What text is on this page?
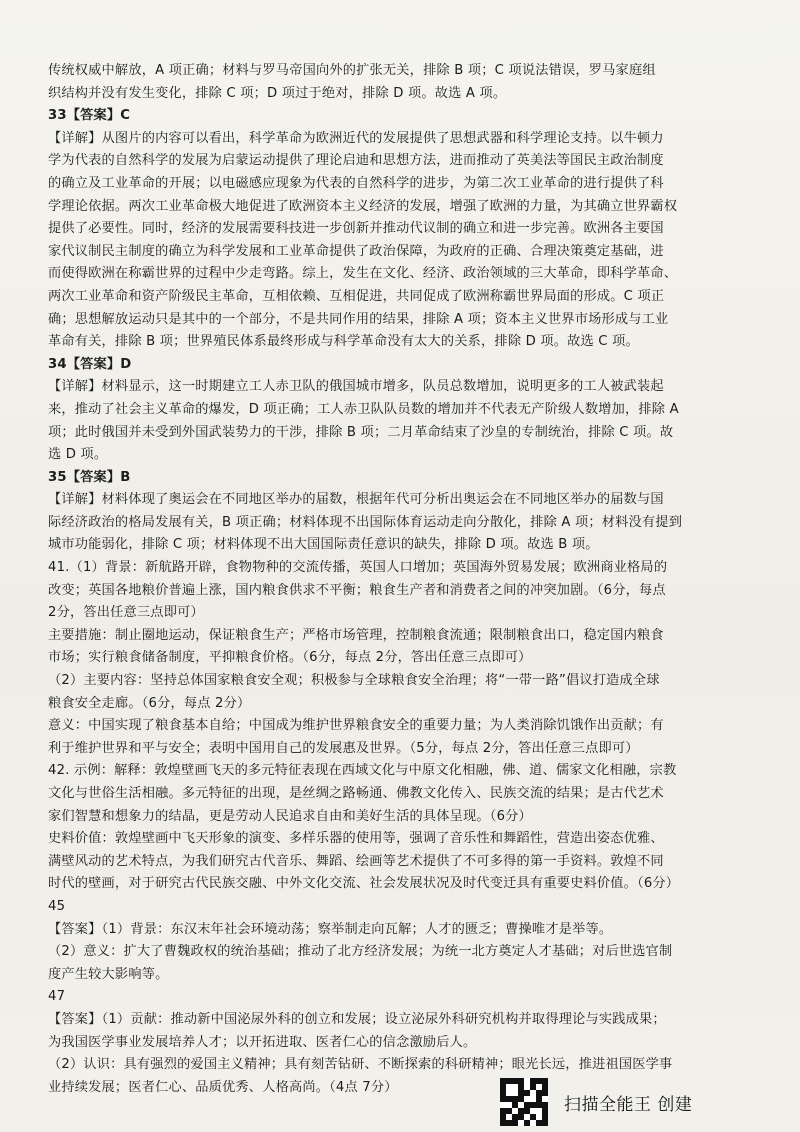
传统权威中解放，A 项正确；材料与罗马帝国向外的扩张无关，排除 B 项；C 项说法错误，罗马家庭组

织结构并没有发生变化，排除 C 项；D 项过于绝对，排除 D 项。故选 A 项。

33【答案】C

【详解】从图片的内容可以看出，科学革命为欧洲近代的发展提供了思想武器和科学理论支持。以牛顿力

学为代表的自然科学的发展为启蒙运动提供了理论启迪和思想方法，进而推动了英美法等国民主政治制度

的确立及工业革命的开展；以电磁感应现象为代表的自然科学的进步，为第二次工业革命的进行提供了科

学理论依据。两次工业革命极大地促进了欧洲资本主义经济的发展，增强了欧洲的力量，为其确立世界霸权

提供了必要性。同时，经济的发展需要科技进一步创新并推动代议制的确立和进一步完善。欧洲各主要国

家代议制民主制度的确立为科学发展和工业革命提供了政治保障，为政府的正确、合理决策奠定基础，进

而使得欧洲在称霸世界的过程中少走弯路。综上，发生在文化、经济、政治领域的三大革命，即科学革命、

两次工业革命和资产阶级民主革命，互相依赖、互相促进，共同促成了欧洲称霸世界局面的形成。C 项正

确；思想解放运动只是其中的一个部分，不是共同作用的结果，排除 A 项；资本主义世界市场形成与工业

革命有关，排除 B 项；世界殖民体系最终形成与科学革命没有太大的关系，排除 D 项。故选 C 项。

34【答案】D

【详解】材料显示，这一时期建立工人赤卫队的俄国城市增多，队员总数增加，说明更多的工人被武装起

来，推动了社会主义革命的爆发，D 项正确；工人赤卫队队员数的增加并不代表无产阶级人数增加，排除 A

项；此时俄国并未受到外国武装势力的干涉，排除 B 项；二月革命结束了沙皇的专制统治，排除 C 项。故

选 D 项。

35【答案】B

【详解】材料体现了奥运会在不同地区举办的届数，根据年代可分析出奥运会在不同地区举办的届数与国

际经济政治的格局发展有关，B 项正确；材料体现不出国际体育运动走向分散化，排除 A 项；材料没有提到

城市功能弱化，排除 C 项；材料体现不出大国国际责任意识的缺失，排除 D 项。故选 B 项。

41.（1）背景：新航路开辟，食物物种的交流传播，英国人口增加；英国海外贸易发展；欧洲商业格局的

改变；英国各地粮价普遍上涨，国内粮食供求不平衡；粮食生产者和消费者之间的冲突加剧。（6分，每点

2分，答出任意三点即可）

主要措施：制止圈地运动，保证粮食生产；严格市场管理，控制粮食流通；限制粮食出口，稳定国内粮食

市场；实行粮食储备制度，平抑粮食价格。（6分，每点 2分，答出任意三点即可）

（2）主要内容：坚持总体国家粮食安全观；积极参与全球粮食安全治理；将“一带一路”倡议打造成全球

粮食安全走廊。（6分，每点 2分）

意义：中国实现了粮食基本自给；中国成为维护世界粮食安全的重要力量；为人类消除饥饿作出贡献；有

利于维护世界和平与安全；表明中国用自己的发展惠及世界。（5分，每点 2分，答出任意三点即可）

42. 示例：解释：敦煌壁画飞天的多元特征表现在西域文化与中原文化相融，佛、道、儒家文化相融，宗教

文化与世俗生活相融。多元特征的出现，是丝绸之路畅通、佛教文化传入、民族交流的结果；是古代艺术

家们智慧和想象力的结晶，更是劳动人民追求自由和美好生活的具体呈现。（6分）

史料价值：敦煌壁画中飞天形象的演变、多样乐器的使用等，强调了音乐性和舞蹈性，营造出姿态优雅、

满壁风动的艺术特点，为我们研究古代音乐、舞蹈、绘画等艺术提供了不可多得的第一手资料。敦煌不同

时代的壁画，对于研究古代民族交融、中外文化交流、社会发展状况及时代变迁具有重要史料价值。（6分）

45

【答案】（1）背景：东汉末年社会环境动荡；察举制走向瓦解；人才的匮乏；曹操唯才是举等。

（2）意义：扩大了曹魏政权的统治基础；推动了北方经济发展；为统一北方奠定人才基础；对后世选官制

度产生较大影响等。

47

【答案】（1）贡献：推动新中国泌尿外科的创立和发展；设立泌尿外科研究机构并取得理论与实践成果；

为我国医学事业发展培养人才；以开拓进取、医者仁心的信念激励后人。

（2）认识：具有强烈的爱国主义精神；具有刻苦钻研、不断探索的科研精神；眼光长远，推进祖国医学事

业持续发展；医者仁心、品质优秀、人格高尚。（4点 7分）

扫描全能王 创建
